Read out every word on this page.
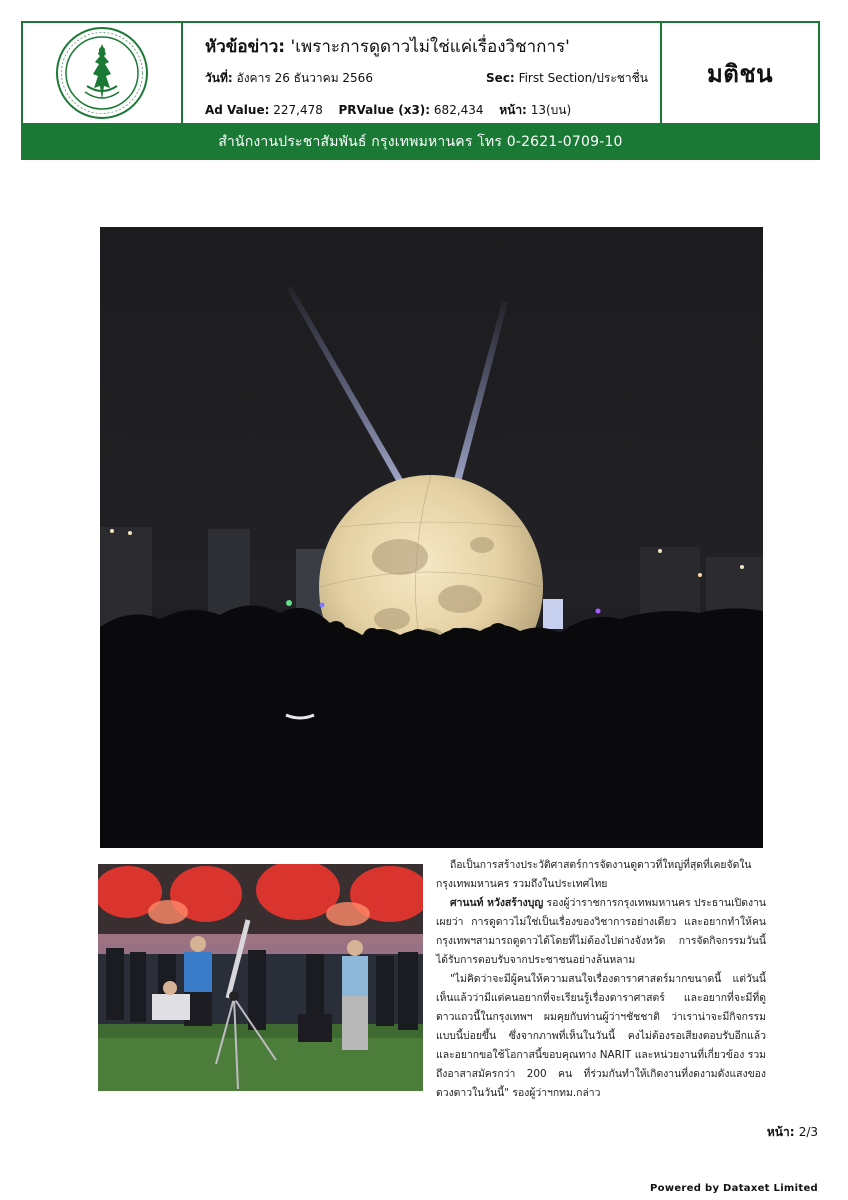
หัวข้อข่าว: 'เพราะการดูดาวไม่ใช่แค่เรื่องวิชาการ'
วันที่: อังคาร 26 ธันวาคม 2566	Sec: First Section/ประชาชื่น
Ad Value: 227,478 PRValue (x3): 682,434 หน้า: 13(บน)
มติชน
สำนักงานประชาสัมพันธ์ กรุงเทพมหานคร โทร 0-2621-0709-10

ถือเป็นการสร้างประวัติศาสตร์การจัดงานดูดาวที่ใหญ่ที่สุดที่เคยจัดในกรุงเทพมหานคร รวมถึงในประเทศไทย

ศานนท์ หวังสร้างบุญ รองผู้ว่าราชการกรุงเทพมหานคร ประธานเปิดงาน เผยว่า การดูดาวไม่ใช่เป็นเรื่องของวิชาการอย่างเดียว และอยากทำให้คนกรุงเทพฯสามารถดูดาวได้โดยที่ไม่ต้องไปต่างจังหวัด การจัดกิจกรรมวันนี้ได้รับการตอบรับจากประชาชนอย่างล้นหลาม

"ไม่คิดว่าจะมีผู้คนให้ความสนใจเรื่องดาราศาสตร์มากขนาดนี้ แต่วันนี้เห็นแล้วว่ามีแต่คนอยากที่จะเรียนรู้เรื่องดาราศาสตร์ และอยากที่จะมีที่ดูดาวแถวนี้ในกรุงเทพฯ ผมคุยกับท่านผู้ว่าฯชัชชาติ ว่าเราน่าจะมีกิจกรรมแบบนี้บ่อยขึ้น ซึ่งจากภาพที่เห็นในวันนี้ คงไม่ต้องรอเสียงตอบรับอีกแล้ว และอยากขอใช้โอกาสนี้ขอบคุณทาง NARIT และหน่วยงานที่เกี่ยวข้อง รวมถึงอาสาสมัครกว่า 200 คน ที่ร่วมกันทำให้เกิดงานที่งดงามดังแสงของดวงดาวในวันนี้" รองผู้ว่าฯกทม.กล่าว

หน้า: 2/3
Powered by Dataxet Limited
